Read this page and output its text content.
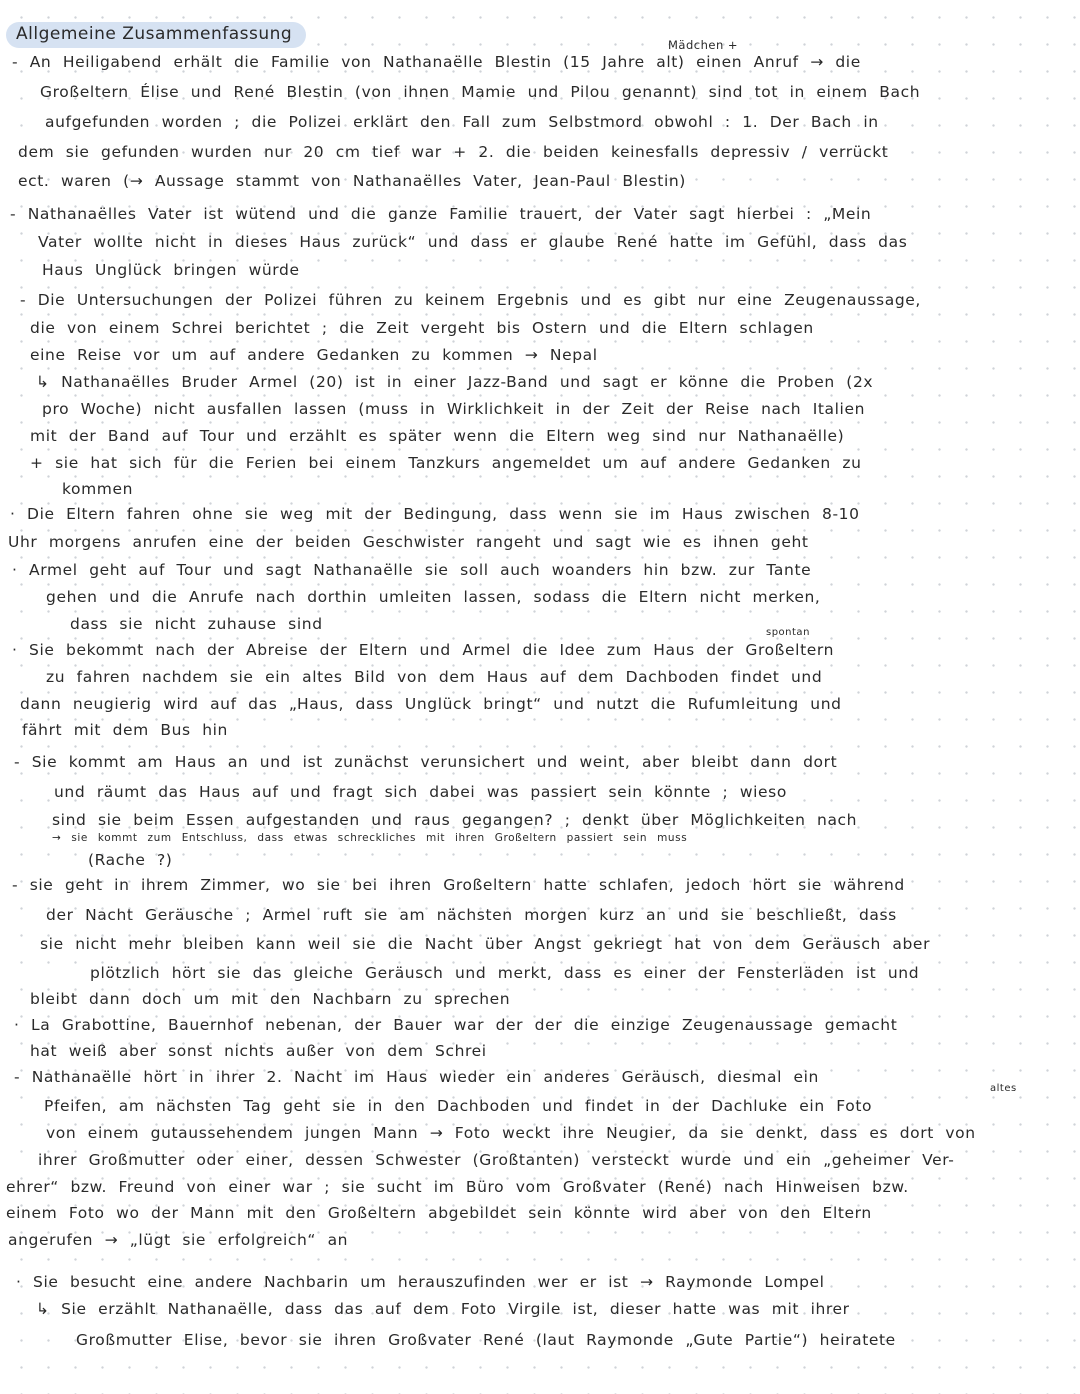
Allgemeine Zusammenfassung
Mädchen +
spontan
altes
- An Heiligabend erhält die Familie von Nathanaëlle Blestin (15 Jahre alt) einen Anruf → die
Großeltern Élise und René Blestin (von ihnen Mamie und Pilou genannt) sind tot in einem Bach
aufgefunden worden ; die Polizei erklärt den Fall zum Selbstmord obwohl : 1. Der Bach in
dem sie gefunden wurden nur 20 cm tief war + 2. die beiden keinesfalls depressiv / verrückt
ect. waren (→ Aussage stammt von Nathanaëlles Vater, Jean-Paul Blestin)
- Nathanaëlles Vater ist wütend und die ganze Familie trauert, der Vater sagt hierbei : „Mein
Vater wollte nicht in dieses Haus zurück“ und dass er glaube René hatte im Gefühl, dass das
Haus Unglück bringen würde
- Die Untersuchungen der Polizei führen zu keinem Ergebnis und es gibt nur eine Zeugenaussage,
die von einem Schrei berichtet ; die Zeit vergeht bis Ostern und die Eltern schlagen
eine Reise vor um auf andere Gedanken zu kommen → Nepal
↳ Nathanaëlles Bruder Armel (20) ist in einer Jazz-Band und sagt er könne die Proben (2x
pro Woche) nicht ausfallen lassen (muss in Wirklichkeit in der Zeit der Reise nach Italien
mit der Band auf Tour und erzählt es später wenn die Eltern weg sind nur Nathanaëlle)
+ sie hat sich für die Ferien bei einem Tanzkurs angemeldet um auf andere Gedanken zu
kommen
· Die Eltern fahren ohne sie weg mit der Bedingung, dass wenn sie im Haus zwischen 8-10
Uhr morgens anrufen eine der beiden Geschwister rangeht und sagt wie es ihnen geht
· Armel geht auf Tour und sagt Nathanaëlle sie soll auch woanders hin bzw. zur Tante
gehen und die Anrufe nach dorthin umleiten lassen, sodass die Eltern nicht merken,
dass sie nicht zuhause sind
· Sie bekommt nach der Abreise der Eltern und Armel die Idee zum Haus der Großeltern
zu fahren nachdem sie ein altes Bild von dem Haus auf dem Dachboden findet und
dann neugierig wird auf das „Haus, dass Unglück bringt“ und nutzt die Rufumleitung und
fährt mit dem Bus hin
- Sie kommt am Haus an und ist zunächst verunsichert und weint, aber bleibt dann dort
und räumt das Haus auf und fragt sich dabei was passiert sein könnte ; wieso
sind sie beim Essen aufgestanden und raus gegangen? ; denkt über Möglichkeiten nach
→ sie kommt zum Entschluss, dass etwas schreckliches mit ihren Großeltern passiert sein muss
(Rache ?)
- sie geht in ihrem Zimmer, wo sie bei ihren Großeltern hatte schlafen, jedoch hört sie während
der Nacht Geräusche ; Armel ruft sie am nächsten morgen kurz an und sie beschließt, dass
sie nicht mehr bleiben kann weil sie die Nacht über Angst gekriegt hat von dem Geräusch aber
plötzlich hört sie das gleiche Geräusch und merkt, dass es einer der Fensterläden ist und
bleibt dann doch um mit den Nachbarn zu sprechen
· La Grabottine, Bauernhof nebenan, der Bauer war der der die einzige Zeugenaussage gemacht
hat weiß aber sonst nichts außer von dem Schrei
- Nathanaëlle hört in ihrer 2. Nacht im Haus wieder ein anderes Geräusch, diesmal ein
Pfeifen, am nächsten Tag geht sie in den Dachboden und findet in der Dachluke ein Foto
von einem gutaussehendem jungen Mann → Foto weckt ihre Neugier, da sie denkt, dass es dort von
ihrer Großmutter oder einer, dessen Schwester (Großtanten) versteckt wurde und ein „geheimer Ver-
ehrer“ bzw. Freund von einer war ; sie sucht im Büro vom Großvater (René) nach Hinweisen bzw.
einem Foto wo der Mann mit den Großeltern abgebildet sein könnte wird aber von den Eltern
angerufen → „lügt sie erfolgreich“ an
· Sie besucht eine andere Nachbarin um herauszufinden wer er ist → Raymonde Lompel
↳ Sie erzählt Nathanaëlle, dass das auf dem Foto Virgile ist, dieser hatte was mit ihrer
Großmutter Elise, bevor sie ihren Großvater René (laut Raymonde „Gute Partie“) heiratete
